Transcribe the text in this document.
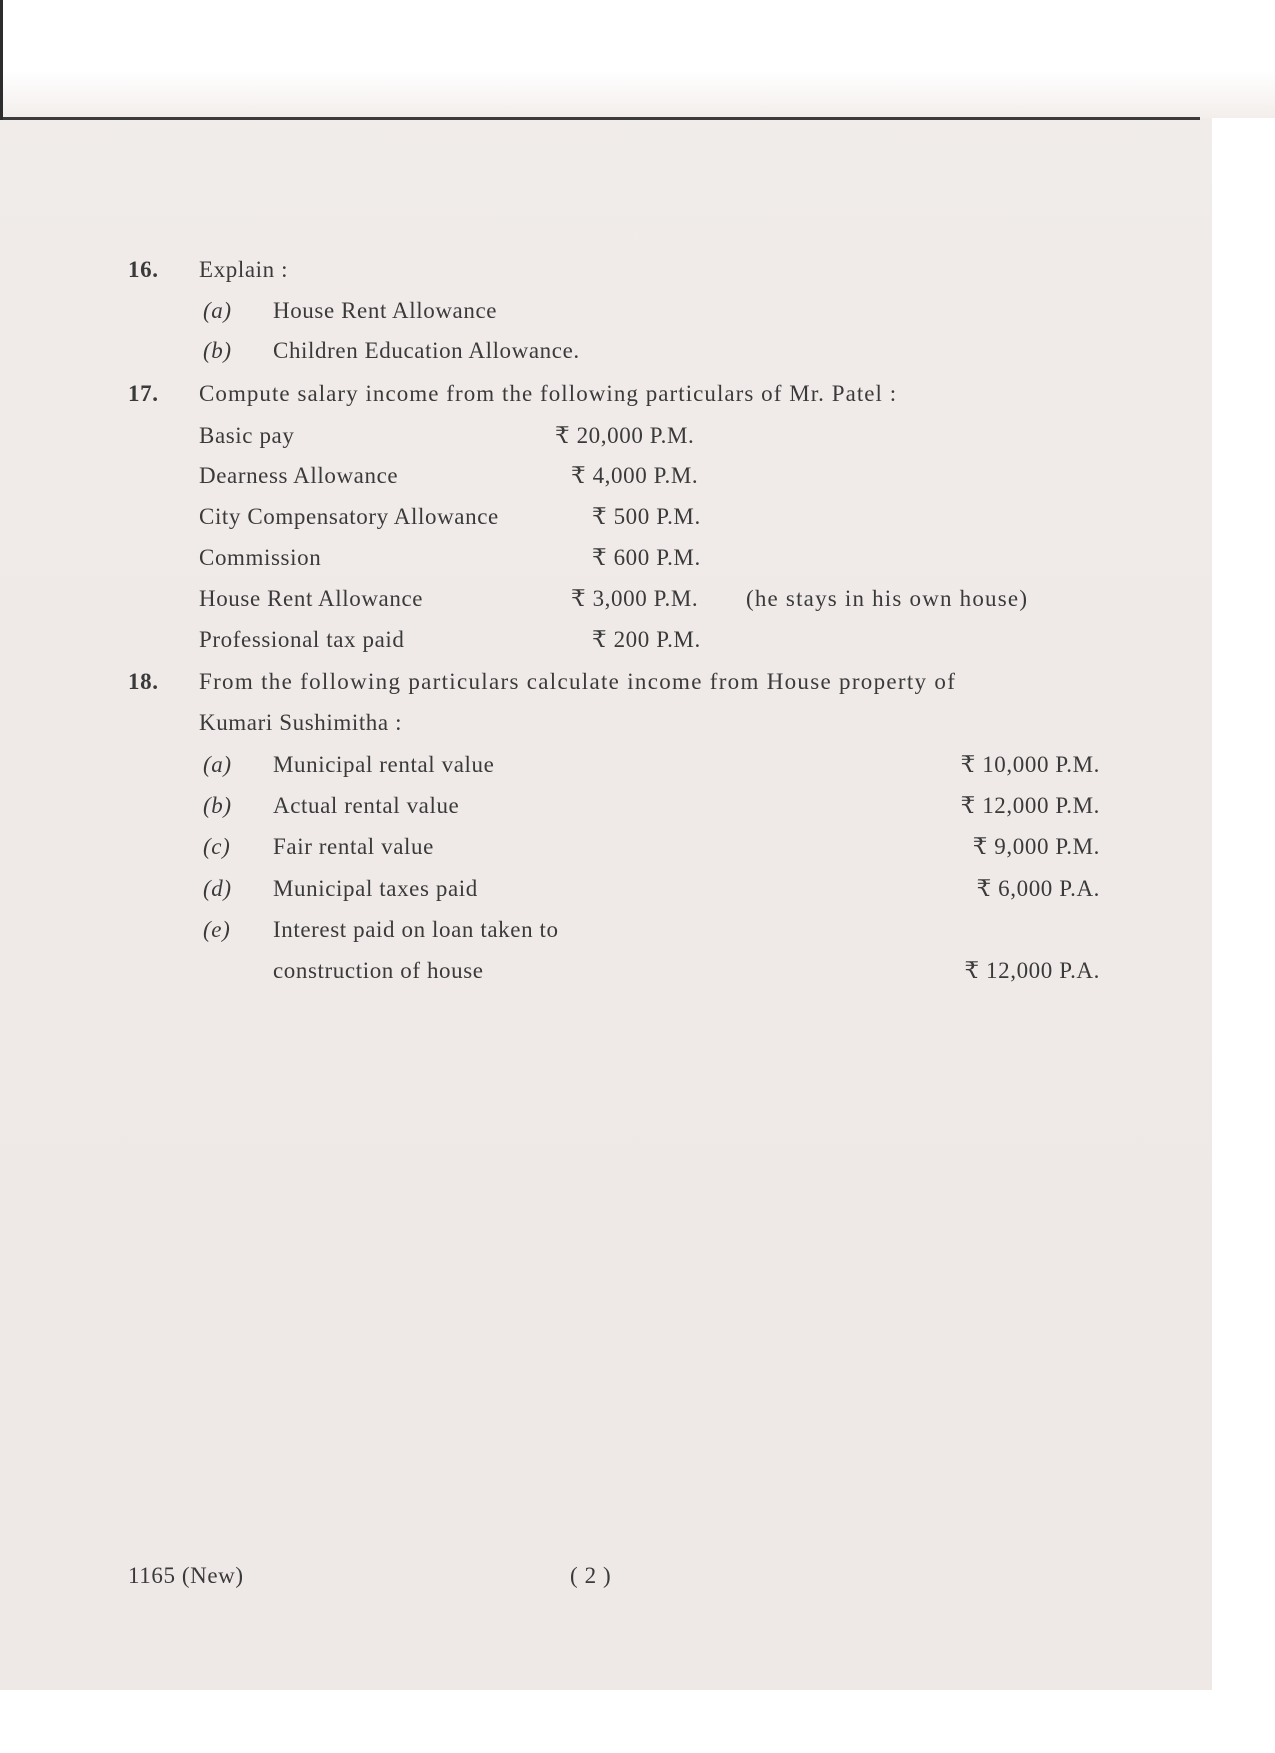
16. Explain :
(a) House Rent Allowance
(b) Children Education Allowance.
17. Compute salary income from the following particulars of Mr. Patel :
Basic pay	₹ 20,000 P.M.
Dearness Allowance	₹ 4,000 P.M.
City Compensatory Allowance	₹ 500 P.M.
Commission	₹ 600 P.M.
House Rent Allowance	₹ 3,000 P.M. (he stays in his own house)
Professional tax paid	₹ 200 P.M.
18. From the following particulars calculate income from House property of
Kumari Sushimitha :
(a) Municipal rental value	₹ 10,000 P.M.
(b) Actual rental value	₹ 12,000 P.M.
(c) Fair rental value	₹ 9,000 P.M.
(d) Municipal taxes paid	₹ 6,000 P.A.
(e) Interest paid on loan taken to
construction of house	₹ 12,000 P.A.
1165 (New)	( 2 )
